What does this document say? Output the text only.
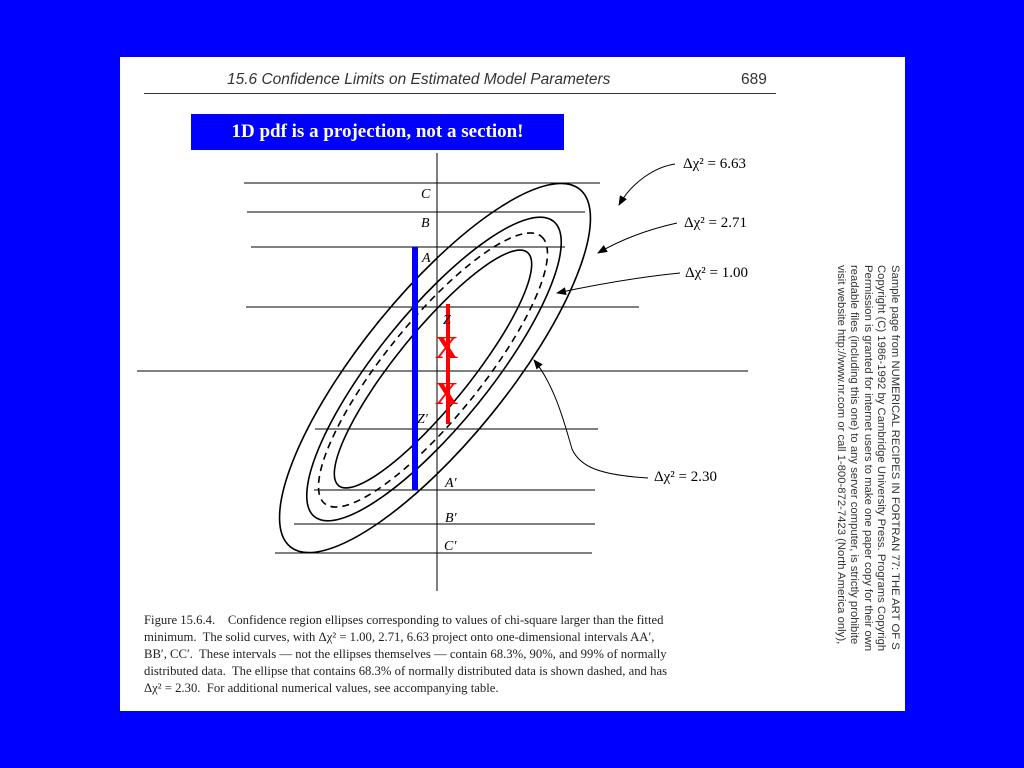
15.6 Confidence Limits on Estimated Model Parameters	689
X
X
C
B
A
Z
Z′
A′
B′
C′
Δχ² = 6.63
Δχ² = 2.71
Δχ² = 1.00
Δχ² = 2.30
1D pdf is a projection, not a section!

Figure 15.6.4.    Confidence region ellipses corresponding to values of chi-square larger than the fitted

minimum.  The solid curves, with Δχ² = 1.00, 2.71, 6.63 project onto one-dimensional intervals AA′,

BB′, CC′.  These intervals — not the ellipses themselves — contain 68.3%, 90%, and 99% of normally

distributed data.  The ellipse that contains 68.3% of normally distributed data is shown dashed, and has

Δχ² = 2.30.  For additional numerical values, see accompanying table.

Sample page from NUMERICAL RECIPES IN FORTRAN 77: THE ART OF S
Copyright (C) 1986-1992 by Cambridge University Press. Programs Copyrigh
Permission is granted for internet users to make one paper copy for their own
readable files (including this one) to any server computer, is strictly prohibite
visit website http://www.nr.com or call 1-800-872-7423 (North America only),
